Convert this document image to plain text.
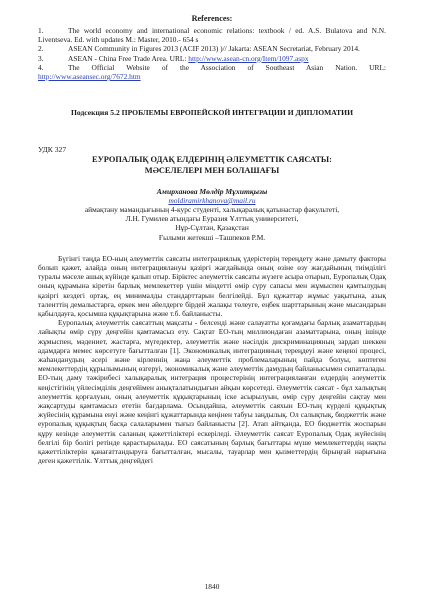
References:

1.	The world economy and international economic relations: textbook / ed. A.S. Bulatova and N.N. Liventseva. Ed. with updates M.: Master, 2010.- 654 s

2.	ASEAN Community in Figures 2013 (ACIF 2013) )// Jakarta: ASEAN Secretariat, February 2014.

3.	ASEAN - China Free Trade Area. URL: http://www.asean-cn.org/Item/1097.aspx

4.	The Official Website of the Association of Southeast Asian Nation. URL: http://www.aseansec.org/7672.htm

Подсекция 5.2 ПРОБЛЕМЫ ЕВРОПЕЙСКОЙ ИНТЕГРАЦИИ И ДИПЛОМАТИИ

УДК 327

ЕУРОПАЛЫҚ ОДАҚ ЕЛДЕРІНІҢ ӘЛЕУМЕТТІК САЯСАТЫ:

МӘСЕЛЕЛЕРІ МЕН БОЛАШАҒЫ

Амирханова Мөлдір Мұхитқызы
moldiramirkhanova@mail.ru
аймақтану мамандығының 4-курс студенті, халықаралық қатынастар факультеті,
Л.Н. Гумилев атындағы Еуразия Ұлттық университеті,
Нұр-Сұлтан, Қазақстан
Ғылыми жетекші –Ташпеков Р.М.

Бүгінгі таңда ЕО-ның әлеуметтік саясаты интеграциялық үдерістерің тереңдету және дамыту факторы болып қажет, алайда оның интеграциялануы қазіргі жағдайында оның өзіне өзу жағдайының тиімділігі туралы мәселе ашық күйінде қалып отыр. Біріктес әлеуметтік саясаты жүзеге асыра отырып, Еуропалық Одақ оның құрамына кіретін барлық мемлекеттер үшін міндетті өмір сүру сапасы мен жұмыспен қамтылудың қазіргі кездегі ортақ, ең минималды стандарттарын белгілейді. Бұл құжаттар жұмыс уақытына, азық таленттің демалыстарға, еркек мен әйелдерге бірдей жалақы төлеуге, еңбек шарттарының және мысандарын қабылдауға, қосымша құқықтарына және т.б. байланысты.

Еуропалық әлеуметтік саясаттың мақсаты - белсенді және салауатты қоғамдағы барлық азаматтардың лайықты өмір сүру деңгейін қамтамасыз ету. Сақтат ЕО-тың миллиондаған азаматтарына, оның ішінде жұмыспен, мәдениет, жастарға, мүгедектер, әлеуметтік және нәсілдік дискриминацияның зардап шеккен адамдарға мемес көрсетуге бағытталған [1]. Экономикалық интеграцияның тереңдеуі және кеңеюі процесі, жаһанданудың әсері және кірленнің жаңа әлеуметтік проблемаларының пайда болуы, көптеген мемлекеттердің құрылымының өзгеруі, экономикалық және әлеуметтік дамудың байланысымен сипатталады. ЕО-тың даму тәжірибесі халықаралық интеграция процестерінің интеграцияланған елдердің әлеуметтік кеңістігінің үйлесімділік деңгейімен анықталатындығын айқын көрсетеді. Әлеуметтік саясат - бұл халықтың әлеуметтік қорғалуын, оның әлеуметтік құқықтарының іске асырылуын, өмір сүру деңгейін сақтау мен жақсартуды қамтамасыз ететін бағдарлама. Осындайша, әлеуметтік саяхын ЕО-тың күрделі құқықтық жүйесінің құрамына енуі және кеңінгі құжаттарында кеңінен табуы заңдылық. Ол салықтық, бюджеттік және еуропалық құқықтың басқа салаларымен тығыз байланысты [2]. Атап айтқанда, ЕО бюджеттік жоспарын құру кезінде әлеуметтік саланың қажеттіліктері ескеріледі. Әлеуметтік саясат Еуропалық Одақ жүйесінің белгілі бір болігі ретінде қарастырылады. ЕО саясатының барлық бағыттары мүше мемлекеттердің нақты қажеттіліктерін қанағаттандыруға бағытталған, мысалы, тауарлар мен қызметтердің бірыңғай нарығына деген қажеттілік. Ұлттық деңгейдегі

1840
